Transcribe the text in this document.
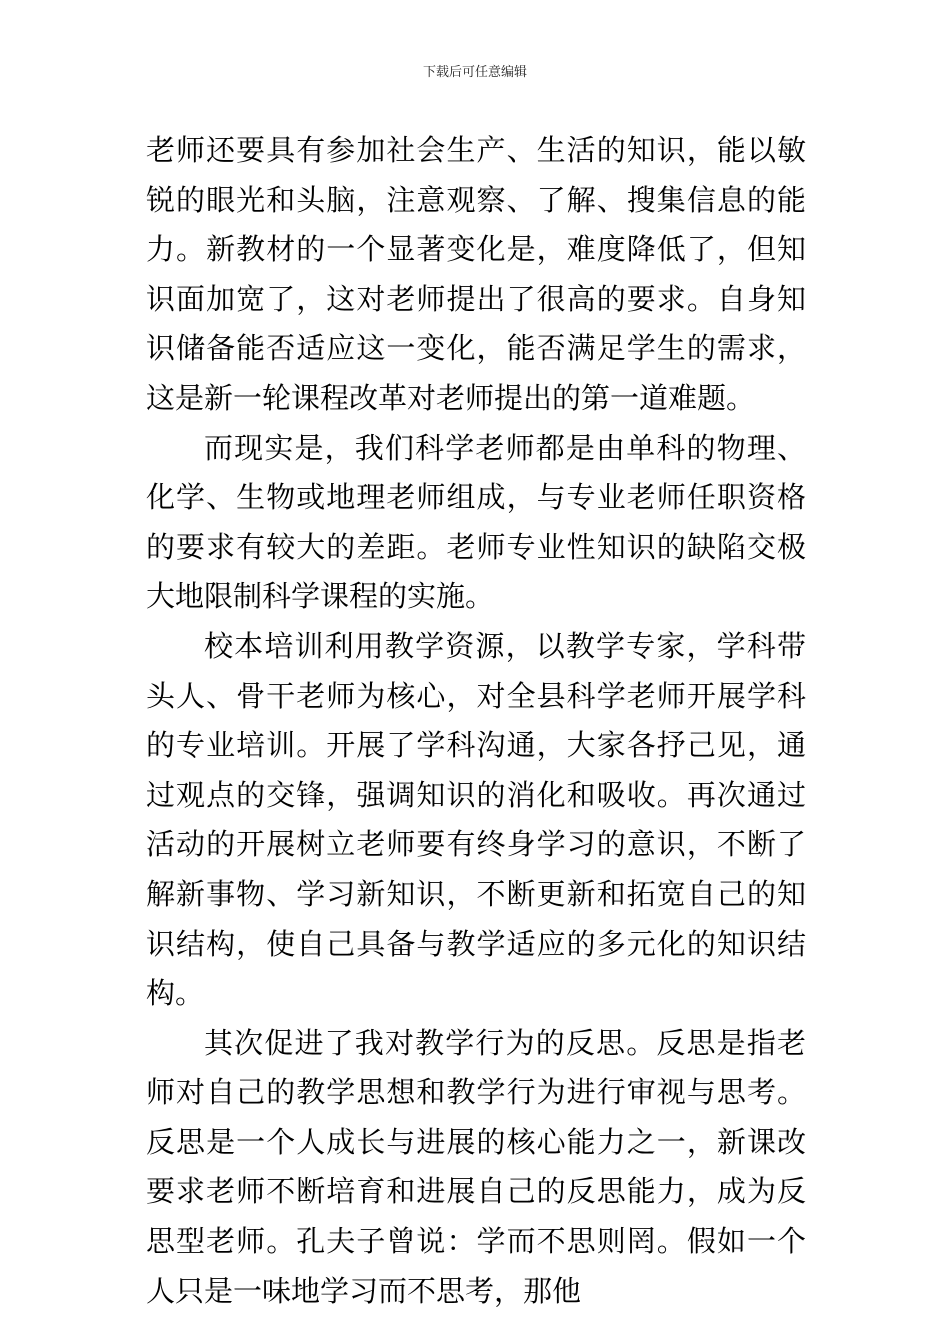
下载后可任意编辑

老师还要具有参加社会生产、生活的知识，能以敏锐的眼光和头脑，注意观察、了解、搜集信息的能力。新教材的一个显著变化是，难度降低了，但知识面加宽了，这对老师提出了很高的要求。自身知识储备能否适应这一变化，能否满足学生的需求，这是新一轮课程改革对老师提出的第一道难题。

而现实是，我们科学老师都是由单科的物理、化学、生物或地理老师组成，与专业老师任职资格的要求有较大的差距。老师专业性知识的缺陷交极大地限制科学课程的实施。

校本培训利用教学资源，以教学专家，学科带头人、骨干老师为核心，对全县科学老师开展学科的专业培训。开展了学科沟通，大家各抒己见，通过观点的交锋，强调知识的消化和吸收。再次通过活动的开展树立老师要有终身学习的意识，不断了解新事物、学习新知识，不断更新和拓宽自己的知识结构，使自己具备与教学适应的多元化的知识结构。

其次促进了我对教学行为的反思。反思是指老师对自己的教学思想和教学行为进行审视与思考。反思是一个人成长与进展的核心能力之一，新课改要求老师不断培育和进展自己的反思能力，成为反思型老师。孔夫子曾说：学而不思则罔。假如一个人只是一味地学习而不思考，那他
